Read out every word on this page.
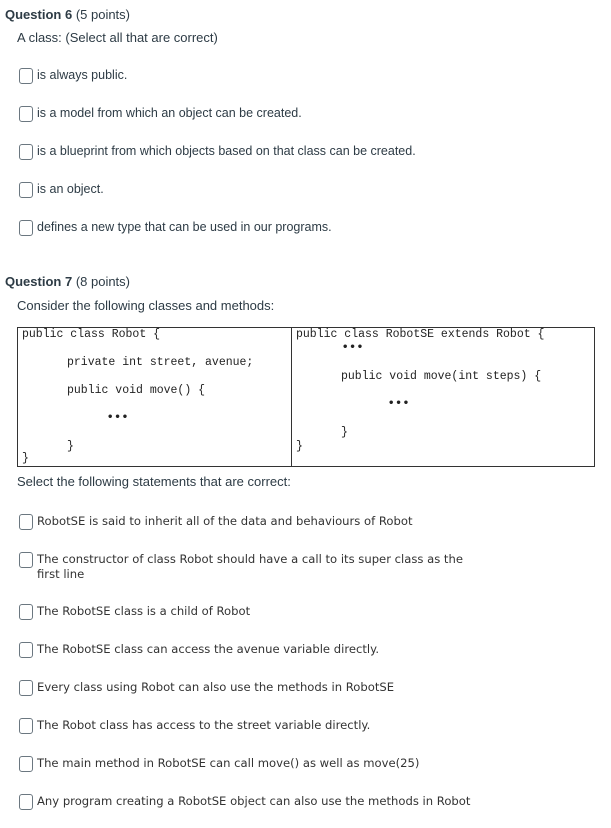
Question 6 (5 points)
A class: (Select all that are correct)
is always public.
is a model from which an object can be created.
is a blueprint from which objects based on that class can be created.
is an object.
defines a new type that can be used in our programs.
Question 7 (8 points)
Consider the following classes and methods:
public class Robot {
private int street, avenue;
public void move() {
•••
}
}
public class RobotSE extends Robot {
•••
public void move(int steps) {
•••
}
}
Select the following statements that are correct:
RobotSE is said to inherit all of the data and behaviours of Robot
The constructor of class Robot should have a call to its super class as the first line
The RobotSE class is a child of Robot
The RobotSE class can access the avenue variable directly.
Every class using Robot can also use the methods in RobotSE
The Robot class has access to the street variable directly.
The main method in RobotSE can call move() as well as move(25)
Any program creating a RobotSE object can also use the methods in Robot
